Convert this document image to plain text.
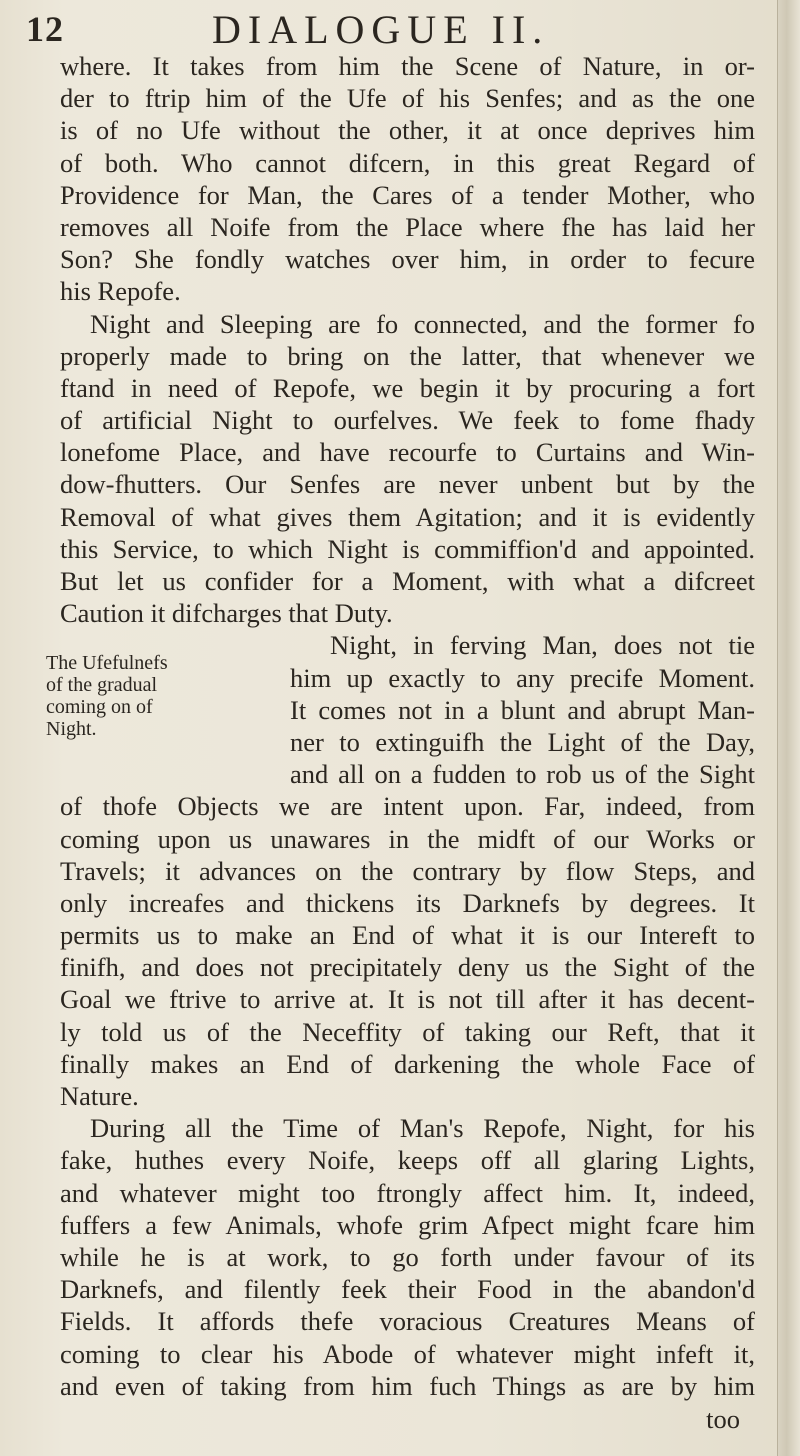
12	DIALOGUE II.
where. It takes from him the Scene of Nature, in or-
der to ftrip him of the Ufe of his Senfes; and as the one
is of no Ufe without the other, it at once deprives him
of both. Who cannot difcern, in this great Regard of
Providence for Man, the Cares of a tender Mother, who
removes all Noife from the Place where fhe has laid her
Son? She fondly watches over him, in order to fecure
his Repofe.
Night and Sleeping are fo connected, and the former fo
properly made to bring on the latter, that whenever we
ftand in need of Repofe, we begin it by procuring a fort
of artificial Night to ourfelves. We feek to fome fhady
lonefome Place, and have recourfe to Curtains and Win-
dow-fhutters. Our Senfes are never unbent but by the
Removal of what gives them Agitation; and it is evidently
this Service, to which Night is commiffion'd and appointed.
But let us confider for a Moment, with what a difcreet
Caution it difcharges that Duty.
Night, in ferving Man, does not tie
him up exactly to any precife Moment.
It comes not in a blunt and abrupt Man-
ner to extinguifh the Light of the Day,
and all on a fudden to rob us of the Sight
of thofe Objects we are intent upon. Far, indeed, from
coming upon us unawares in the midft of our Works or
Travels; it advances on the contrary by flow Steps, and
only increafes and thickens its Darknefs by degrees. It
permits us to make an End of what it is our Intereft to
finifh, and does not precipitately deny us the Sight of the
Goal we ftrive to arrive at. It is not till after it has decent-
ly told us of the Neceffity of taking our Reft, that it
finally makes an End of darkening the whole Face of
Nature.
During all the Time of Man's Repofe, Night, for his
fake, huthes every Noife, keeps off all glaring Lights,
and whatever might too ftrongly affect him. It, indeed,
fuffers a few Animals, whofe grim Afpect might fcare him
while he is at work, to go forth under favour of its
Darknefs, and filently feek their Food in the abandon'd
Fields. It affords thefe voracious Creatures Means of
coming to clear his Abode of whatever might infeft it,
and even of taking from him fuch Things as are by him
The Ufefulnefs
of the gradual
coming on of
Night.
too
